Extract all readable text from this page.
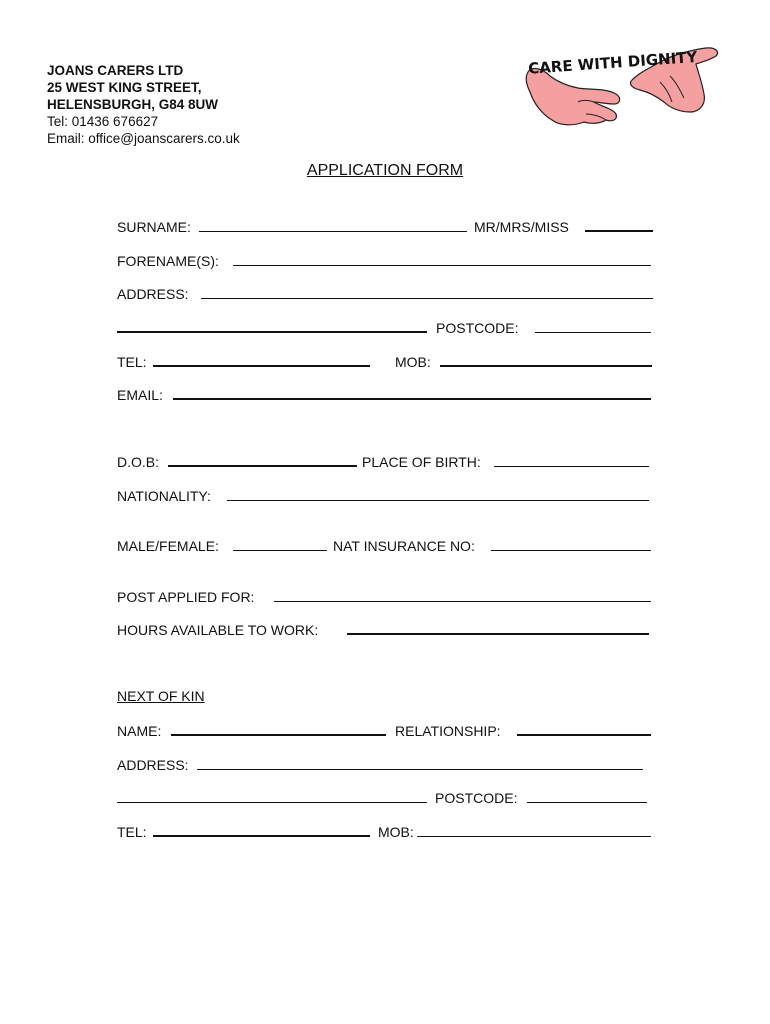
JOANS CARERS LTD
25 WEST KING STREET,
HELENSBURGH, G84 8UW
Tel: 01436 676627
Email: office@joanscarers.co.uk
CARE WITH DIGNITY
APPLICATION FORM
SURNAME:	MR/MRS/MISS
FORENAME(S):
ADDRESS:
POSTCODE:
TEL:	MOB:
EMAIL:
D.O.B:	PLACE OF BIRTH:
NATIONALITY:
MALE/FEMALE:	NAT INSURANCE NO:
POST APPLIED FOR:
HOURS AVAILABLE TO WORK:
NEXT OF KIN
NAME:	RELATIONSHIP:
ADDRESS:
POSTCODE:
TEL:	MOB:
